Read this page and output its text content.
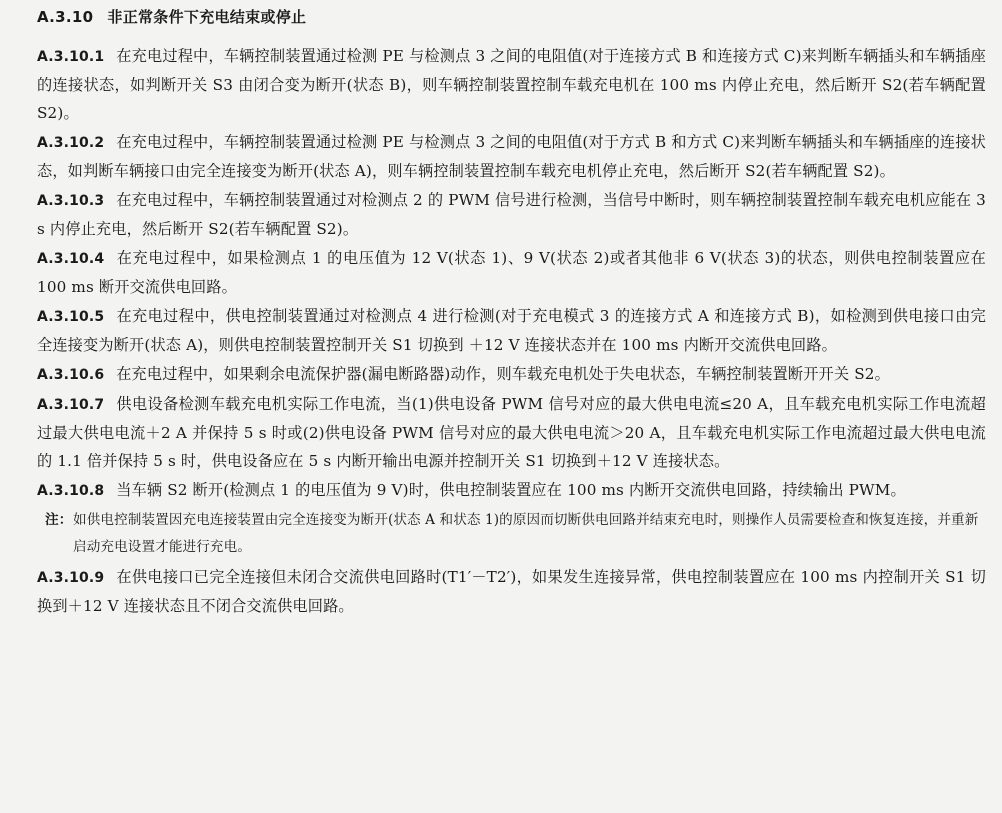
A.3.10 非正常条件下充电结束或停止

A.3.10.1 在充电过程中，车辆控制装置通过检测 PE 与检测点 3 之间的电阻值(对于连接方式 B 和连接方式 C)来判断车辆插头和车辆插座的连接状态，如判断开关 S3 由闭合变为断开(状态 B)，则车辆控制装置控制车载充电机在 100 ms 内停止充电，然后断开 S2(若车辆配置 S2)。

A.3.10.2 在充电过程中，车辆控制装置通过检测 PE 与检测点 3 之间的电阻值(对于方式 B 和方式 C)来判断车辆插头和车辆插座的连接状态，如判断车辆接口由完全连接变为断开(状态 A)，则车辆控制装置控制车载充电机停止充电，然后断开 S2(若车辆配置 S2)。

A.3.10.3 在充电过程中，车辆控制装置通过对检测点 2 的 PWM 信号进行检测，当信号中断时，则车辆控制装置控制车载充电机应能在 3 s 内停止充电，然后断开 S2(若车辆配置 S2)。

A.3.10.4 在充电过程中，如果检测点 1 的电压值为 12 V(状态 1)、9 V(状态 2)或者其他非 6 V(状态 3)的状态，则供电控制装置应在 100 ms 断开交流供电回路。

A.3.10.5 在充电过程中，供电控制装置通过对检测点 4 进行检测(对于充电模式 3 的连接方式 A 和连接方式 B)，如检测到供电接口由完全连接变为断开(状态 A)，则供电控制装置控制开关 S1 切换到 ＋12 V 连接状态并在 100 ms 内断开交流供电回路。

A.3.10.6 在充电过程中，如果剩余电流保护器(漏电断路器)动作，则车载充电机处于失电状态，车辆控制装置断开开关 S2。

A.3.10.7 供电设备检测车载充电机实际工作电流，当(1)供电设备 PWM 信号对应的最大供电电流≤20 A，且车载充电机实际工作电流超过最大供电电流＋2 A 并保持 5 s 时或(2)供电设备 PWM 信号对应的最大供电电流＞20 A，且车载充电机实际工作电流超过最大供电电流的 1.1 倍并保持 5 s 时，供电设备应在 5 s 内断开输出电源并控制开关 S1 切换到＋12 V 连接状态。

A.3.10.8 当车辆 S2 断开(检测点 1 的电压值为 9 V)时，供电控制装置应在 100 ms 内断开交流供电回路，持续输出 PWM。

注： 如供电控制装置因充电连接装置由完全连接变为断开(状态 A 和状态 1)的原因而切断供电回路并结束充电时，则操作人员需要检查和恢复连接，并重新启动充电设置才能进行充电。

A.3.10.9 在供电接口已完全连接但未闭合交流供电回路时(T1′－T2′)，如果发生连接异常，供电控制装置应在 100 ms 内控制开关 S1 切换到＋12 V 连接状态且不闭合交流供电回路。
